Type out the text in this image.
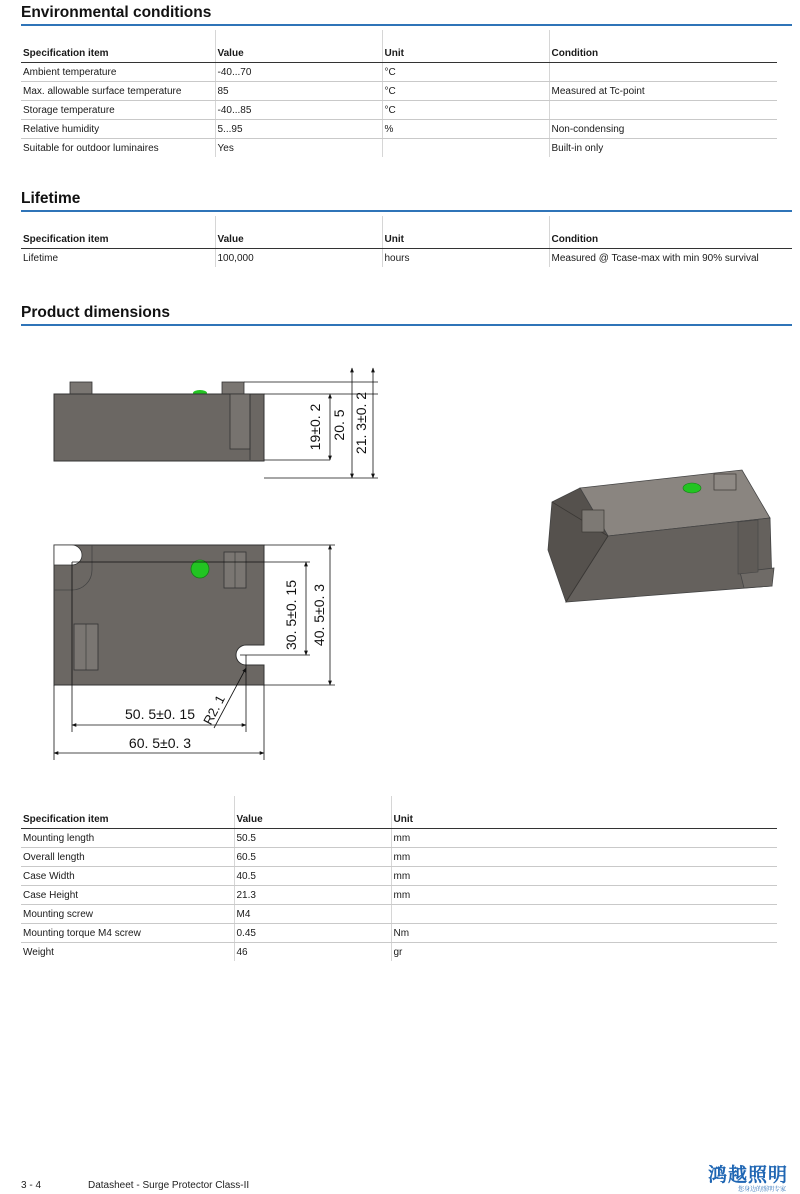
Environmental conditions

Specification item	Value	Unit	Condition
Ambient temperature	-40...70	°C	
Max. allowable surface temperature	85	°C	Measured at Tc-point
Storage temperature	-40...85	°C	
Relative humidity	5...95	%	Non-condensing
Suitable for outdoor luminaires	Yes		Built-in only
Lifetime

Specification item	Value	Unit	Condition
Lifetime	100,000	hours	Measured @ Tcase-max with min 90% survival
Product dimensions
19±0. 2 20. 5 21. 3±0. 2
30. 5±0. 15 40. 5±0. 3
50. 5±0. 15
60. 5±0. 3
R2. 1

Specification item	Value	Unit
Mounting length	50.5	mm
Overall length	60.5	mm
Case Width	40.5	mm
Case Height	21.3	mm
Mounting screw	M4	
Mounting torque M4 screw	0.45	Nm
Weight	46	gr
3 - 4	Datasheet - Surge Protector Class-II	鸿越照明
您身边的照明专家
